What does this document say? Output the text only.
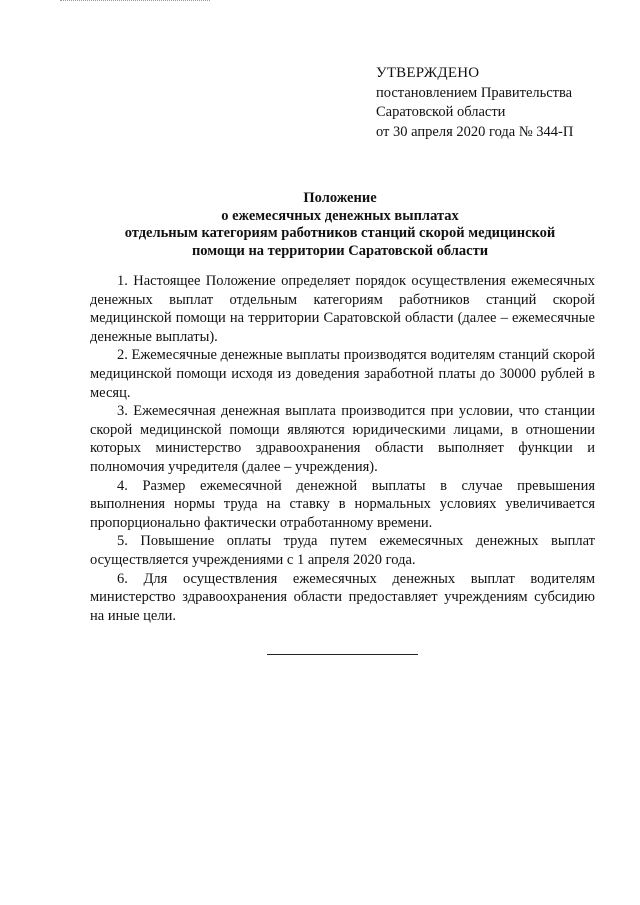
УТВЕРЖДЕНО
постановлением Правительства
Саратовской области
от 30 апреля 2020 года № 344-П
Положение
о ежемесячных денежных выплатах
отдельным категориям работников станций скорой медицинской
помощи на территории Саратовской области

1. Настоящее Положение определяет порядок осуществления ежемесячных денежных выплат отдельным категориям работников станций скорой медицинской помощи на территории Саратовской области (далее – ежемесячные денежные выплаты).

2. Ежемесячные денежные выплаты производятся водителям станций скорой медицинской помощи исходя из доведения заработной платы до 30000 рублей в месяц.

3. Ежемесячная денежная выплата производится при условии, что станции скорой медицинской помощи являются юридическими лицами, в отношении которых министерство здравоохранения области выполняет функции и полномочия учредителя (далее – учреждения).

4. Размер ежемесячной денежной выплаты в случае превышения выполнения нормы труда на ставку в нормальных условиях увеличивается пропорционально фактически отработанному времени.

5. Повышение оплаты труда путем ежемесячных денежных выплат осуществляется учреждениями с 1 апреля 2020 года.

6. Для осуществления ежемесячных денежных выплат водителям министерство здравоохранения области предоставляет учреждениям субсидию на иные цели.
